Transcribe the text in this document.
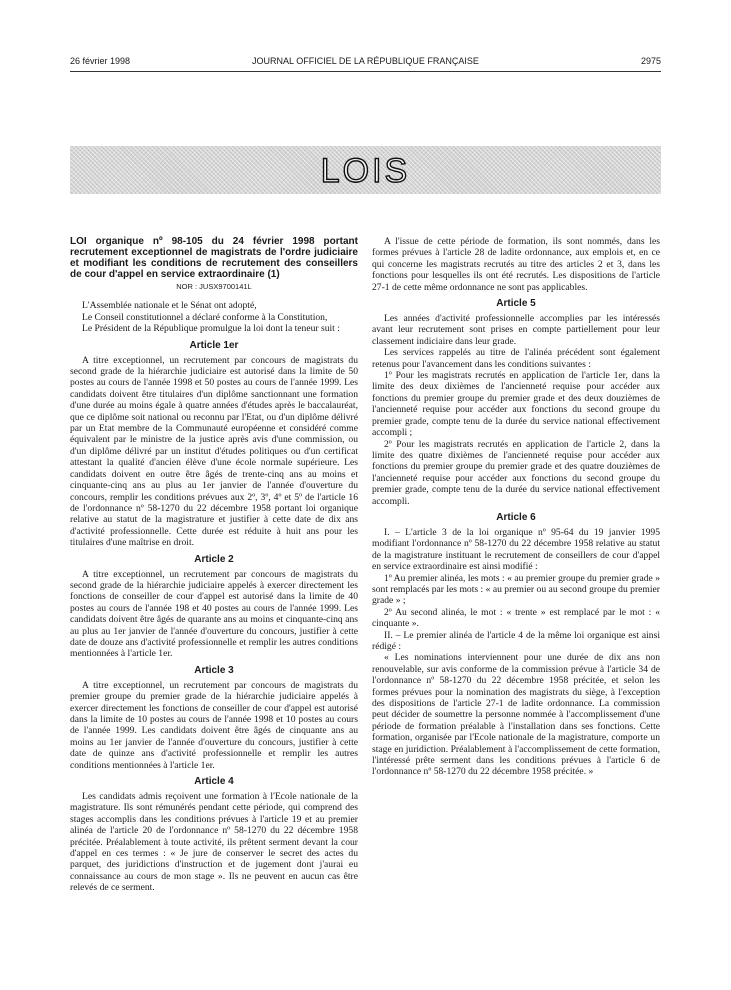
26 février 1998	JOURNAL OFFICIEL DE LA RÉPUBLIQUE FRANÇAISE	2975
LOIS

LOI organique nº 98-105 du 24 février 1998 portant recrutement exceptionnel de magistrats de l'ordre judiciaire et modifiant les conditions de recrutement des conseillers de cour d'appel en service extraordinaire (1)

NOR : JUSX9700141L

L'Assemblée nationale et le Sénat ont adopté,

Le Conseil constitutionnel a déclaré conforme à la Constitution,

Le Président de la République promulgue la loi dont la teneur suit :

Article 1er

A titre exceptionnel, un recrutement par concours de magistrats du second grade de la hiérarchie judiciaire est autorisé dans la limite de 50 postes au cours de l'année 1998 et 50 postes au cours de l'année 1999. Les candidats doivent être titulaires d'un diplôme sanctionnant une formation d'une durée au moins égale à quatre années d'études après le baccalauréat, que ce diplôme soit national ou reconnu par l'Etat, ou d'un diplôme délivré par un Etat membre de la Communauté européenne et considéré comme équivalent par le ministre de la justice après avis d'une commission, ou d'un diplôme délivré par un institut d'études politiques ou d'un certificat attestant la qualité d'ancien élève d'une école normale supérieure. Les candidats doivent en outre être âgés de trente-cinq ans au moins et cinquante-cinq ans au plus au 1er janvier de l'année d'ouverture du concours, remplir les conditions prévues aux 2º, 3º, 4º et 5º de l'article 16 de l'ordonnance nº 58-1270 du 22 décembre 1958 portant loi organique relative au statut de la magistrature et justifier à cette date de dix ans d'activité professionnelle. Cette durée est réduite à huit ans pour les titulaires d'une maîtrise en droit.

Article 2

A titre exceptionnel, un recrutement par concours de magistrats du second grade de la hiérarchie judiciaire appelés à exercer directement les fonctions de conseiller de cour d'appel est autorisé dans la limite de 40 postes au cours de l'année 198 et 40 postes au cours de l'année 1999. Les candidats doivent être âgés de quarante ans au moins et cinquante-cinq ans au plus au 1er janvier de l'année d'ouverture du concours, justifier à cette date de douze ans d'activité professionnelle et remplir les autres conditions mentionnées à l'article 1er.

Article 3

A titre exceptionnel, un recrutement par concours de magistrats du premier groupe du premier grade de la hiérarchie judiciaire appelés à exercer directement les fonctions de conseiller de cour d'appel est autorisé dans la limite de 10 postes au cours de l'année 1998 et 10 postes au cours de l'année 1999. Les candidats doivent être âgés de cinquante ans au moins au 1er janvier de l'année d'ouverture du concours, justifier à cette date de quinze ans d'activité professionnelle et remplir les autres conditions mentionnées à l'article 1er.

Article 4

Les candidats admis reçoivent une formation à l'Ecole nationale de la magistrature. Ils sont rémunérés pendant cette période, qui comprend des stages accomplis dans les conditions prévues à l'article 19 et au premier alinéa de l'article 20 de l'ordonnance nº 58-1270 du 22 décembre 1958 précitée. Préalablement à toute activité, ils prêtent serment devant la cour d'appel en ces termes : « Je jure de conserver le secret des actes du parquet, des juridictions d'instruction et de jugement dont j'aurai eu connaissance au cours de mon stage ». Ils ne peuvent en aucun cas être relevés de ce serment.

A l'issue de cette période de formation, ils sont nommés, dans les formes prévues à l'article 28 de ladite ordonnance, aux emplois et, en ce qui concerne les magistrats recrutés au titre des articles 2 et 3, dans les fonctions pour lesquelles ils ont été recrutés. Les dispositions de l'article 27-1 de cette même ordonnance ne sont pas applicables.

Article 5

Les années d'activité professionnelle accomplies par les intéressés avant leur recrutement sont prises en compte partiellement pour leur classement indiciaire dans leur grade.

Les services rappelés au titre de l'alinéa précédent sont également retenus pour l'avancement dans les conditions suivantes :

1º Pour les magistrats recrutés en application de l'article 1er, dans la limite des deux dixièmes de l'ancienneté requise pour accéder aux fonctions du premier groupe du premier grade et des deux douzièmes de l'ancienneté requise pour accéder aux fonctions du second groupe du premier grade, compte tenu de la durée du service national effectivement accompli ;

2º Pour les magistrats recrutés en application de l'article 2, dans la limite des quatre dixièmes de l'ancienneté requise pour accéder aux fonctions du premier groupe du premier grade et des quatre douzièmes de l'ancienneté requise pour accéder aux fonctions du second groupe du premier grade, compte tenu de la durée du service national effectivement accompli.

Article 6

I. – L'article 3 de la loi organique nº 95-64 du 19 janvier 1995 modifiant l'ordonnance nº 58-1270 du 22 décembre 1958 relative au statut de la magistrature instituant le recrutement de conseillers de cour d'appel en service extraordinaire est ainsi modifié :

1º Au premier alinéa, les mots : « au premier groupe du premier grade » sont remplacés par les mots : « au premier ou au second groupe du premier grade » ;

2º Au second alinéa, le mot : « trente » est remplacé par le mot : « cinquante ».

II. – Le premier alinéa de l'article 4 de la même loi organique est ainsi rédigé :

« Les nominations interviennent pour une durée de dix ans non renouvelable, sur avis conforme de la commission prévue à l'article 34 de l'ordonnance nº 58-1270 du 22 décembre 1958 précitée, et selon les formes prévues pour la nomination des magistrats du siège, à l'exception des dispositions de l'article 27-1 de ladite ordonnance. La commission peut décider de soumettre la personne nommée à l'accomplissement d'une période de formation préalable à l'installation dans ses fonctions. Cette formation, organisée par l'Ecole nationale de la magistrature, comporte un stage en juridiction. Préalablement à l'accomplissement de cette formation, l'intéressé prête serment dans les conditions prévues à l'article 6 de l'ordonnance nº 58-1270 du 22 décembre 1958 précitée. »
